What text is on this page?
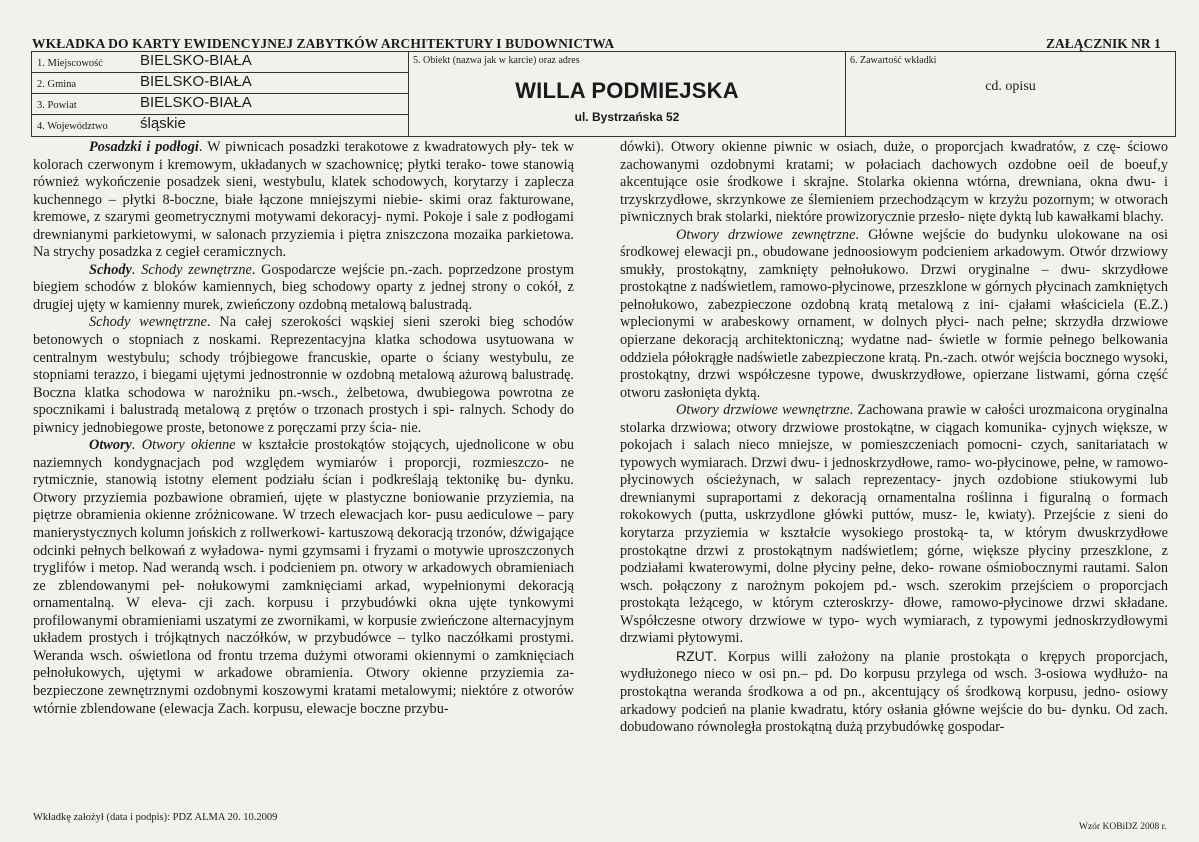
WKŁADKA DO KARTY EWIDENCYJNEJ ZABYTKÓW ARCHITEKTURY I BUDOWNICTWA	ZAŁĄCZNIK NR 1
1. Miejscowość BIELSKO-BIAŁA
2. Gmina	BIELSKO-BIAŁA
3. Powiat	BIELSKO-BIAŁA
4. Województwo śląskie
5. Obiekt (nazwa jak w karcie) oraz adres
WILLA PODMIEJSKA
ul. Bystrzańska 52
6. Zawartość wkładki
cd. opisu

Posadzki i podłogi. W piwnicach posadzki terakotowe z kwadratowych pły- tek w kolorach czerwonym i kremowym, układanych w szachownicę; płytki terako- towe stanowią również wykończenie posadzek sieni, westybulu, klatek schodowych, korytarzy i zaplecza kuchennego – płytki 8-boczne, białe łączone mniejszymi niebie- skimi oraz fakturowane, kremowe, z szarymi geometrycznymi motywami dekoracyj- nymi. Pokoje i sale z podłogami drewnianymi parkietowymi, w salonach przyziemia i piętra zniszczona mozaika parkietowa. Na strychy posadzka z cegieł ceramicznych.

Schody. Schody zewnętrzne. Gospodarcze wejście pn.-zach. poprzedzone prostym biegiem schodów z bloków kamiennych, bieg schodowy oparty z jednej strony o cokół, z drugiej ujęty w kamienny murek, zwieńczony ozdobną metalową balustradą.

Schody wewnętrzne. Na całej szerokości wąskiej sieni szeroki bieg schodów betonowych o stopniach z noskami. Reprezentacyjna klatka schodowa usytuowana w centralnym westybulu; schody trójbiegowe francuskie, oparte o ściany westybulu, ze stopniami terazzo, i biegami ujętymi jednostronnie w ozdobną metalową ażurową balustradę. Boczna klatka schodowa w narożniku pn.-wsch., żelbetowa, dwubiegowa powrotna ze spocznikami i balustradą metalową z prętów o trzonach prostych i spi- ralnych. Schody do piwnicy jednobiegowe proste, betonowe z poręczami przy ścia- nie.

Otwory. Otwory okienne w kształcie prostokątów stojących, ujednolicone w obu naziemnych kondygnacjach pod względem wymiarów i proporcji, rozmieszczo- ne rytmicznie, stanowią istotny element podziału ścian i podkreślają tektonikę bu- dynku. Otwory przyziemia pozbawione obramień, ujęte w plastyczne boniowanie przyziemia, na piętrze obramienia okienne zróżnicowane. W trzech elewacjach kor- pusu aediculowe – pary manierystycznych kolumn jońskich z rollwerkowi- kartuszową dekoracją trzonów, dźwigające odcinki pełnych belkowań z wyładowa- nymi gzymsami i fryzami o motywie uproszczonych tryglifów i metop. Nad werandą wsch. i podcieniem pn. otwory w arkadowych obramieniach ze zblendowanymi peł- nołukowymi zamknięciami arkad, wypełnionymi dekoracją ornamentalną. W eleva- cji zach. korpusu i przybudówki okna ujęte tynkowymi profilowanymi obramieniami uszatymi ze zwornikami, w korpusie zwieńczone alternacyjnym układem prostych i trójkątnych naczółków, w przybudówce – tylko naczółkami prostymi. Weranda wsch. oświetlona od frontu trzema dużymi otworami okiennymi o zamknięciach pełnołukowych, ujętymi w arkadowe obramienia. Otwory okienne przyziemia za- bezpieczone zewnętrznymi ozdobnymi koszowymi kratami metalowymi; niektóre z otworów wtórnie zblendowane (elewacja Zach. korpusu, elewacje boczne przybu-

dówki). Otwory okienne piwnic w osiach, duże, o proporcjach kwadratów, z czę- ściowo zachowanymi ozdobnymi kratami; w połaciach dachowych ozdobne oeil de boeuf,y akcentujące osie środkowe i skrajne. Stolarka okienna wtórna, drewniana, okna dwu- i trzyskrzydłowe, skrzynkowe ze ślemieniem przechodzącym w krzyżu pozornym; w otworach piwnicznych brak stolarki, niektóre prowizorycznie przesło- nięte dyktą lub kawałkami blachy.

Otwory drzwiowe zewnętrzne. Główne wejście do budynku ulokowane na osi środkowej elewacji pn., obudowane jednoosiowym podcieniem arkadowym. Otwór drzwiowy smukły, prostokątny, zamknięty pełnołukowo. Drzwi oryginalne – dwu- skrzydłowe prostokątne z nadświetlem, ramowo-płycinowe, przeszklone w górnych płycinach zamkniętych pełnołukowo, zabezpieczone ozdobną kratą metalową z ini- cjałami właściciela (E.Z.) wplecionymi w arabeskowy ornament, w dolnych płyci- nach pełne; skrzydła drzwiowe opierzane dekoracją architektoniczną; wydatne nad- świetle w formie pełnego belkowania oddziela półokrągłe nadświetle zabezpieczone kratą. Pn.-zach. otwór wejścia bocznego wysoki, prostokątny, drzwi współczesne typowe, dwuskrzydłowe, opierzane listwami, górna część otworu zasłonięta dyktą.

Otwory drzwiowe wewnętrzne. Zachowana prawie w całości urozmaicona oryginalna stolarka drzwiowa; otwory drzwiowe prostokątne, w ciągach komunika- cyjnych większe, w pokojach i salach nieco mniejsze, w pomieszczeniach pomocni- czych, sanitariatach w typowych wymiarach. Drzwi dwu- i jednoskrzydłowe, ramo- wo-płycinowe, pełne, w ramowo-płycinowych ościeżynach, w salach reprezentacy- jnych ozdobione stiukowymi lub drewnianymi supraportami z dekoracją ornamentalna roślinna i figuralną o formach rokokowych (putta, uskrzydlone główki puttów, musz- le, kwiaty). Przejście z sieni do korytarza przyziemia w kształcie wysokiego prostoką- ta, w którym dwuskrzydłowe prostokątne drzwi z prostokątnym nadświetlem; górne, większe płyciny przeszklone, z podziałami kwaterowymi, dolne płyciny pełne, deko- rowane ośmiobocznymi rautami. Salon wsch. połączony z narożnym pokojem pd.- wsch. szerokim przejściem o proporcjach prostokąta leżącego, w którym czteroskrzy- dłowe, ramowo-płycinowe drzwi składane. Współczesne otwory drzwiowe w typo- wych wymiarach, z typowymi jednoskrzydłowymi drzwiami płytowymi.

RZUT. Korpus willi założony na planie prostokąta o krępych proporcjach, wydłużonego nieco w osi pn.– pd. Do korpusu przylega od wsch. 3-osiowa wydłużo- na prostokątna weranda środkowa a od pn., akcentujący oś środkową korpusu, jedno- osiowy arkadowy podcień na planie kwadratu, który osłania główne wejście do bu- dynku. Od zach. dobudowano równoległa prostokątną dużą przybudówkę gospodar-

Wkładkę założył (data i podpis): PDZ ALMA 20. 10.2009
Wzór KOBiDZ 2008 r.
